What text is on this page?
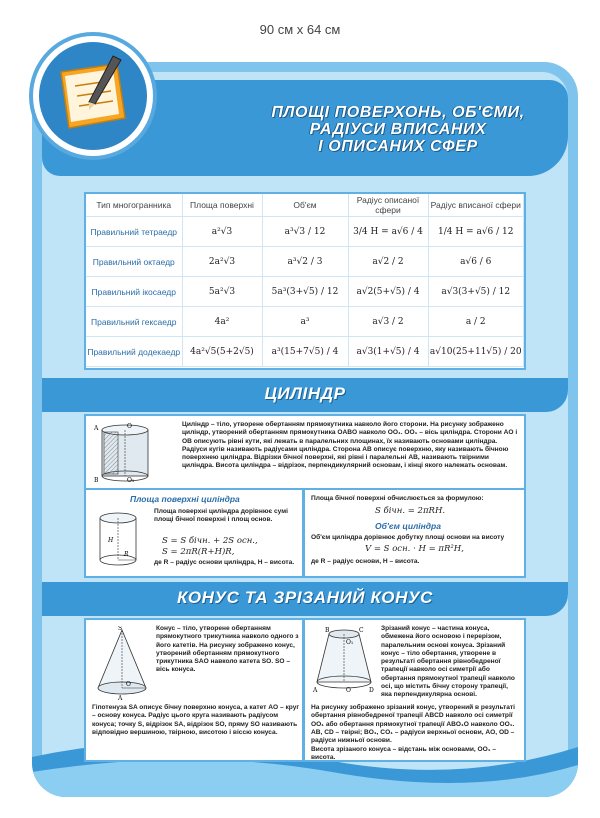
90 см х 64 см
ПЛОЩІ ПОВЕРХОНЬ, ОБ'ЄМИ,
РАДІУСИ ВПИСАНИХ
І ОПИСАНИХ СФЕР
Тип многогранника	Площа поверхні	Об'єм	Радіус описаної сфери	Радіус вписаної сфери
Правильний тетраедр	a²√3	a³√3 / 12	3/4 H = a√6 / 4	1/4 H = a√6 / 12
Правильний октаедр	2a²√3	a³√2 / 3	a√2 / 2	a√6 / 6
Правильний ікосаедр	5a²√3	5a³(3+√5) / 12	a√2(5+√5) / 4	a√3(3+√5) / 12
Правильний гексаедр	4a²	a³	a√3 / 2	a / 2
Правильний додекаедр	4a²√5(5+2√5)	a³(15+7√5) / 4	a√3(1+√5) / 4	a√10(25+11√5) / 20
ЦИЛІНДР
A	O
B	O₁
Циліндр – тіло, утворене обертанням прямокутника навколо його сторони. На рисунку зображено циліндр, утворений обертанням прямокутника OABO навколо OO₁. OO₁ – вісь циліндра. Сторони AO і OB описують рівні кути, які лежать в паралельних площинах, їх називають основами циліндра. Радіуси кугів називають радіусами циліндра. Сторона AB описує поверхню, яку називають бічною поверхнею циліндра. Відрізки бічної поверхні, які рівні і паралельні AB, називають твірними циліндра. Висота циліндра – відрізок, перпендикулярний основам, і кінці якого належать основам.
Площа поверхні циліндра
H
R
Площа поверхні циліндра дорівнює сумі площі бічної поверхні і площ основ.
S = S бічн. + 2S осн.,
S = 2πR(R+H)R,
де R – радіус основи циліндра, H – висота.
Площа бічної поверхні обчислюється за формулою:
S бічн. = 2πRH.
Об'єм циліндра
Об'єм циліндра дорівнює добутку площі основи на висоту
V = S осн. · H = πR²H,
де R – радіус основи, H – висота.
КОНУС ТА ЗРІЗАНИЙ КОНУС
S
A
O
Конус – тіло, утворене обертанням прямокутного трикутника навколо одного з його катетів. На рисунку зображено конус, утворений обертанням прямокутного трикутника SAO навколо катета SO. SO – вісь конуса.
Гіпотенуза SA описує бічну поверхню конуса, а катет AO – круг – основу конуса. Радіус цього круга називають радіусом конуса; точку S, відрізок SA, відрізок SO, пряму SO називають відповідно вершиною, твірною, висотою і віссю конуса.
B	C
O₁
A	O	D
Зрізаний конус – частина конуса, обмежена його основою і перерізом, паралельним основі конуса. Зрізаний конус – тіло обертання, утворене в результаті обертання рівнобедреної трапеції навколо осі симетрії або обертання прямокутної трапеції навколо осі, що містить бічну сторону трапеції, яка перпендикулярна основі.
На рисунку зображено зрізаний конус, утворений в результаті обертання рівнобедреної трапеції ABCD навколо осі симетрії OO₁ або обертання прямокутної трапеції ABO₁O навколо OO₁.
AB, CD – твірні; BO₁, CO₁ – радіуси верхньої основи, AO, OD – радіуси нижньої основи.
Висота зрізаного конуса – відстань між основами, OO₁ – висота.
